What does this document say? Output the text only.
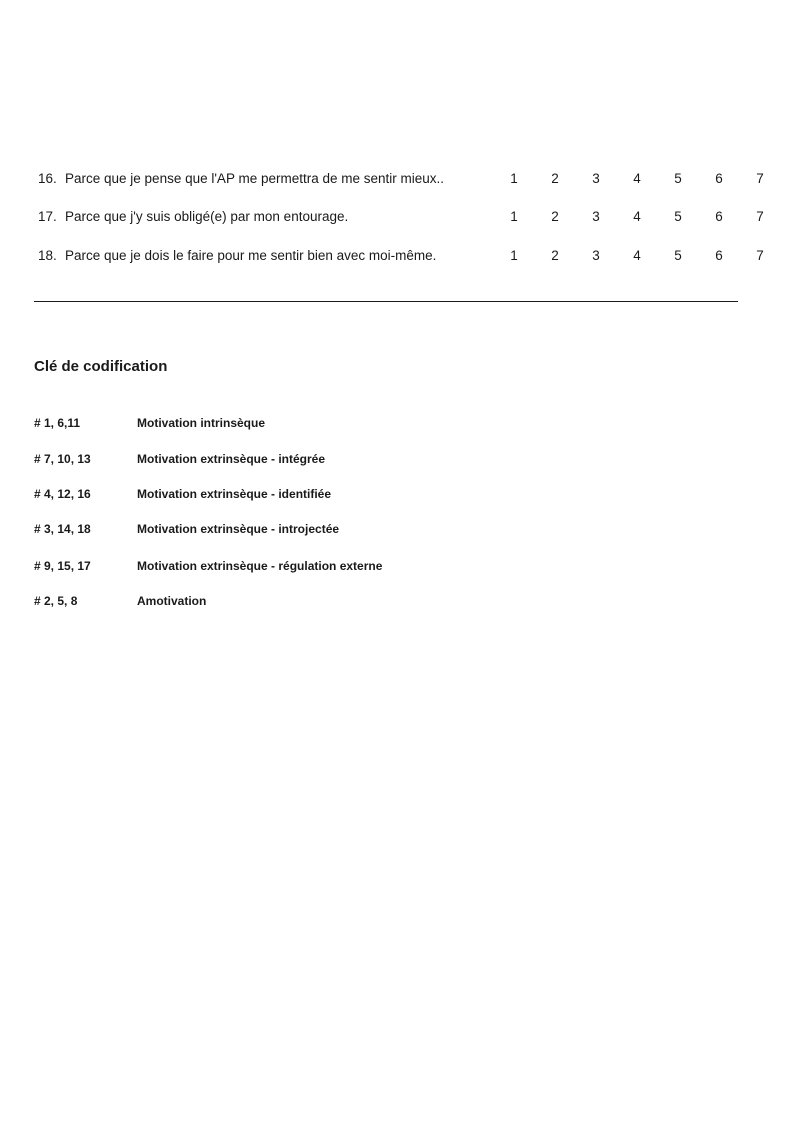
16. Parce que je pense que l'AP me permettra de me sentir mieux..	1	2	3	4	5	6	7
17. Parce que j'y suis obligé(e) par mon entourage.	1	2	3	4	5	6	7
18. Parce que je dois le faire pour me sentir bien avec moi-même.	1	2	3	4	5	6	7
Clé de codification
# 1, 6,11	Motivation intrinsèque
# 7, 10, 13	Motivation extrinsèque - intégrée
# 4, 12, 16	Motivation extrinsèque - identifiée
# 3, 14, 18	Motivation extrinsèque - introjectée
# 9, 15, 17	Motivation extrinsèque - régulation externe
# 2, 5, 8	Amotivation
